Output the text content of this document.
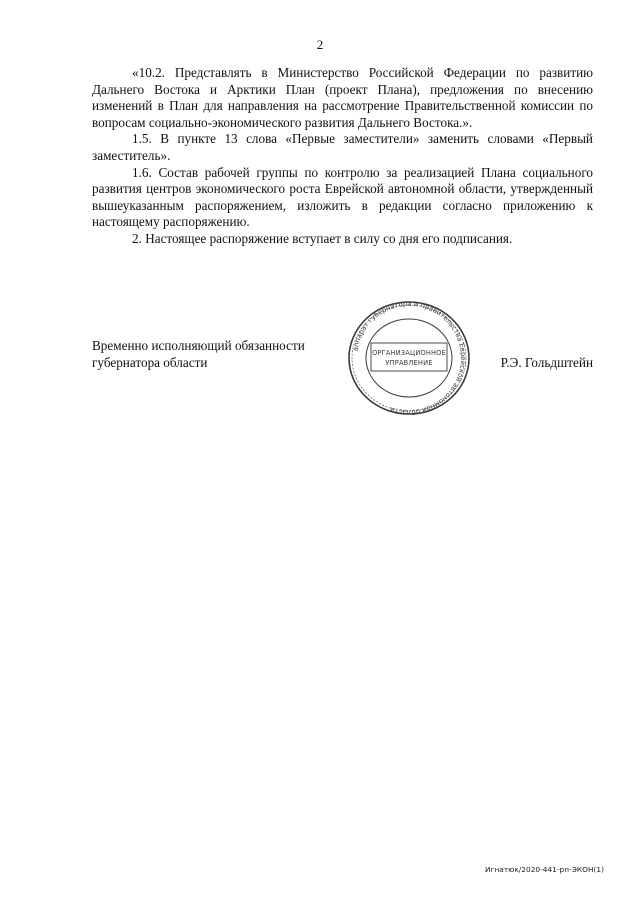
2

«10.2. Представлять в Министерство Российской Федерации по развитию Дальнего Востока и Арктики План (проект Плана), предложения по внесению изменений в План для направления на рассмотрение Правительственной комиссии по вопросам социально-экономического развития Дальнего Востока.».

1.5. В пункте 13 слова «Первые заместители» заменить словами «Первый заместитель».

1.6. Состав рабочей группы по контролю за реализацией Плана социального развития центров экономического роста Еврейской автономной области, утвержденный вышеуказанным распоряжением, изложить в редакции согласно приложению к настоящему распоряжению.

2. Настоящее распоряжение вступает в силу со дня его подписания.

Временно исполняющий обязанности губернатора области	Р.Э. Гольдштейн
аппарат губернатора и правительства Еврейской автономной области
ОРГАНИЗАЦИОННОЕ
УПРАВЛЕНИЕ
Игнатюк/2020-441-рп-ЭКОН(1)
